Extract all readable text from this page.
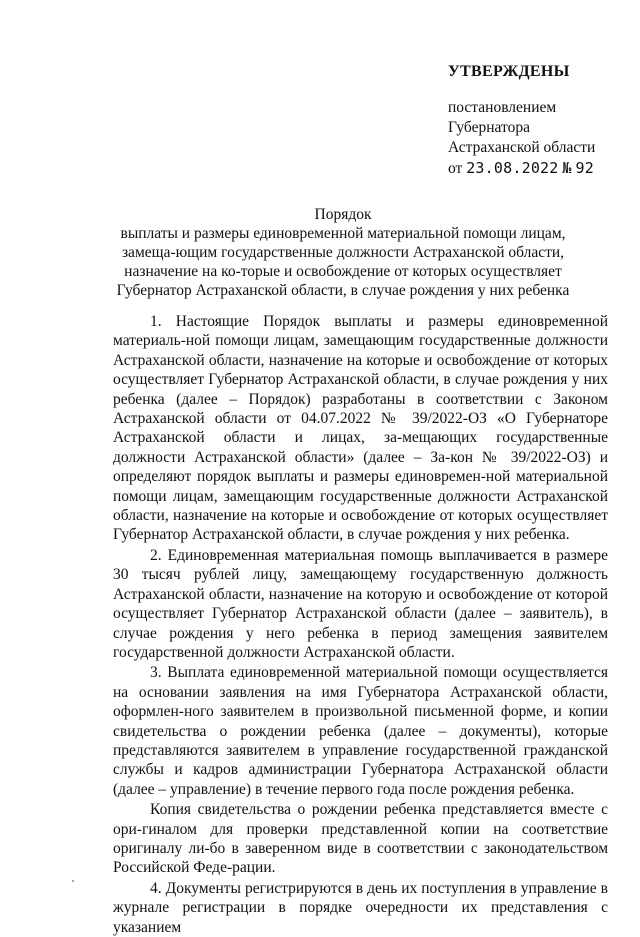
УТВЕРЖДЕНЫ
постановлением
Губернатора
Астраханской области
от 23.08.2022 № 92
Порядок
выплаты и размеры единовременной материальной помощи лицам, замеща-ющим государственные должности Астраханской области, назначение на ко-торые и освобождение от которых осуществляет Губернатор Астраханской области, в случае рождения у них ребенка

1. Настоящие Порядок выплаты и размеры единовременной материаль-ной помощи лицам, замещающим государственные должности Астраханской области, назначение на которые и освобождение от которых осуществляет Губернатор Астраханской области, в случае рождения у них ребенка (далее – Порядок) разработаны в соответствии с Законом Астраханской области от 04.07.2022 № 39/2022-ОЗ «О Губернаторе Астраханской области и лицах, за-мещающих государственные должности Астраханской области» (далее – За-кон № 39/2022-ОЗ) и определяют порядок выплаты и размеры единовремен-ной материальной помощи лицам, замещающим государственные должности Астраханской области, назначение на которые и освобождение от которых осуществляет Губернатор Астраханской области, в случае рождения у них ребенка.

2. Единовременная материальная помощь выплачивается в размере 30 тысяч рублей лицу, замещающему государственную должность Астраханской области, назначение на которую и освобождение от которой осуществляет Губернатор Астраханской области (далее – заявитель), в случае рождения у него ребенка в период замещения заявителем государственной должности Астраханской области.

3. Выплата единовременной материальной помощи осуществляется на основании заявления на имя Губернатора Астраханской области, оформлен-ного заявителем в произвольной письменной форме, и копии свидетельства о рождении ребенка (далее – документы), которые представляются заявителем в управление государственной гражданской службы и кадров администрации Губернатора Астраханской области (далее – управление) в течение первого года после рождения ребенка.

Копия свидетельства о рождении ребенка представляется вместе с ори-гиналом для проверки представленной копии на соответствие оригиналу ли-бо в заверенном виде в соответствии с законодательством Российской Феде-рации.

4. Документы регистрируются в день их поступления в управление в журнале регистрации в порядке очередности их представления с указанием
